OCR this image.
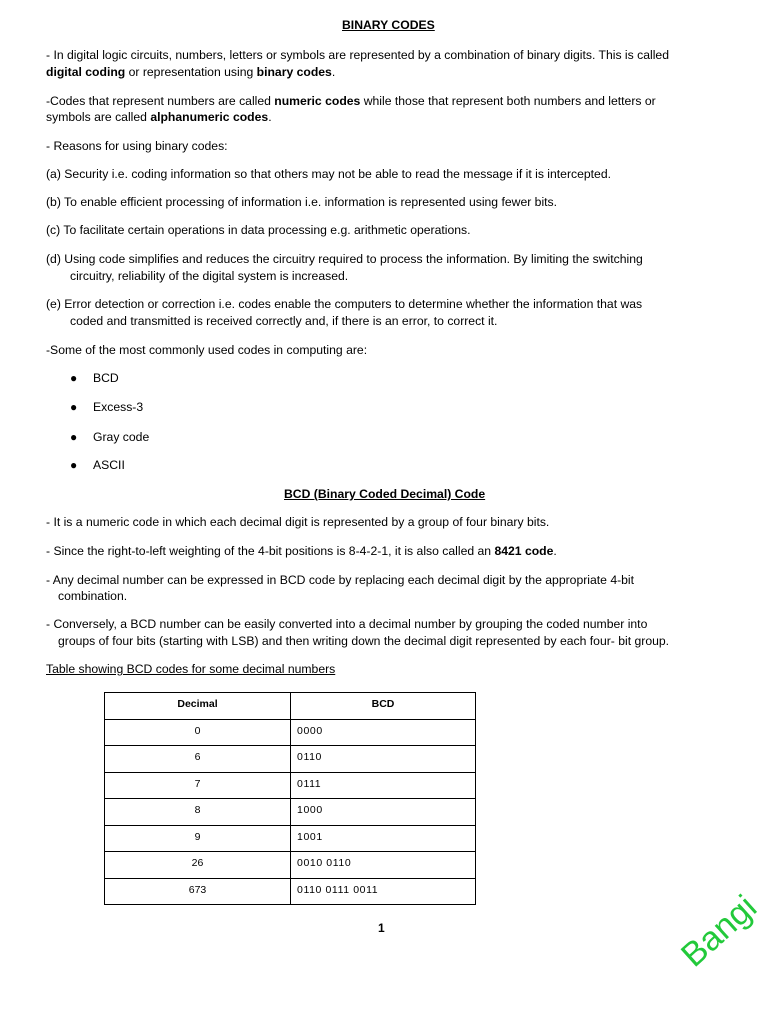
BINARY CODES
- In digital logic circuits, numbers, letters or symbols are represented by a combination of binary digits. This is called
digital coding or representation using binary codes.
-Codes that represent numbers are called numeric codes while those that represent both numbers and letters or
symbols are called alphanumeric codes.
- Reasons for using binary codes:
(a) Security i.e. coding information so that others may not be able to read the message if it is intercepted.
(b) To enable efficient processing of information i.e. information is represented using fewer bits.
(c) To facilitate certain operations in data processing e.g. arithmetic operations.
(d) Using code simplifies and reduces the circuitry required to process the information. By limiting the switching
circuitry, reliability of the digital system is increased.
(e) Error detection or correction i.e. codes enable the computers to determine whether the information that was
coded and transmitted is received correctly and, if there is an error, to correct it.
-Some of the most commonly used codes in computing are:
● BCD
● Excess-3
● Gray code
● ASCII
BCD (Binary Coded Decimal) Code
- It is a numeric code in which each decimal digit is represented by a group of four binary bits.
- Since the right-to-left weighting of the 4-bit positions is 8-4-2-1, it is also called an 8421 code.
- Any decimal number can be expressed in BCD code by replacing each decimal digit by the appropriate 4-bit
combination.
- Conversely, a BCD number can be easily converted into a decimal number by grouping the coded number into
groups of four bits (starting with LSB) and then writing down the decimal digit represented by each four- bit group.
Table showing BCD codes for some decimal numbers
Decimal	BCD
0	0000
6	0110
7	0111
8	1000
9	1001
26	0010 0110
673	0110 0111 0011
1	Bangi
